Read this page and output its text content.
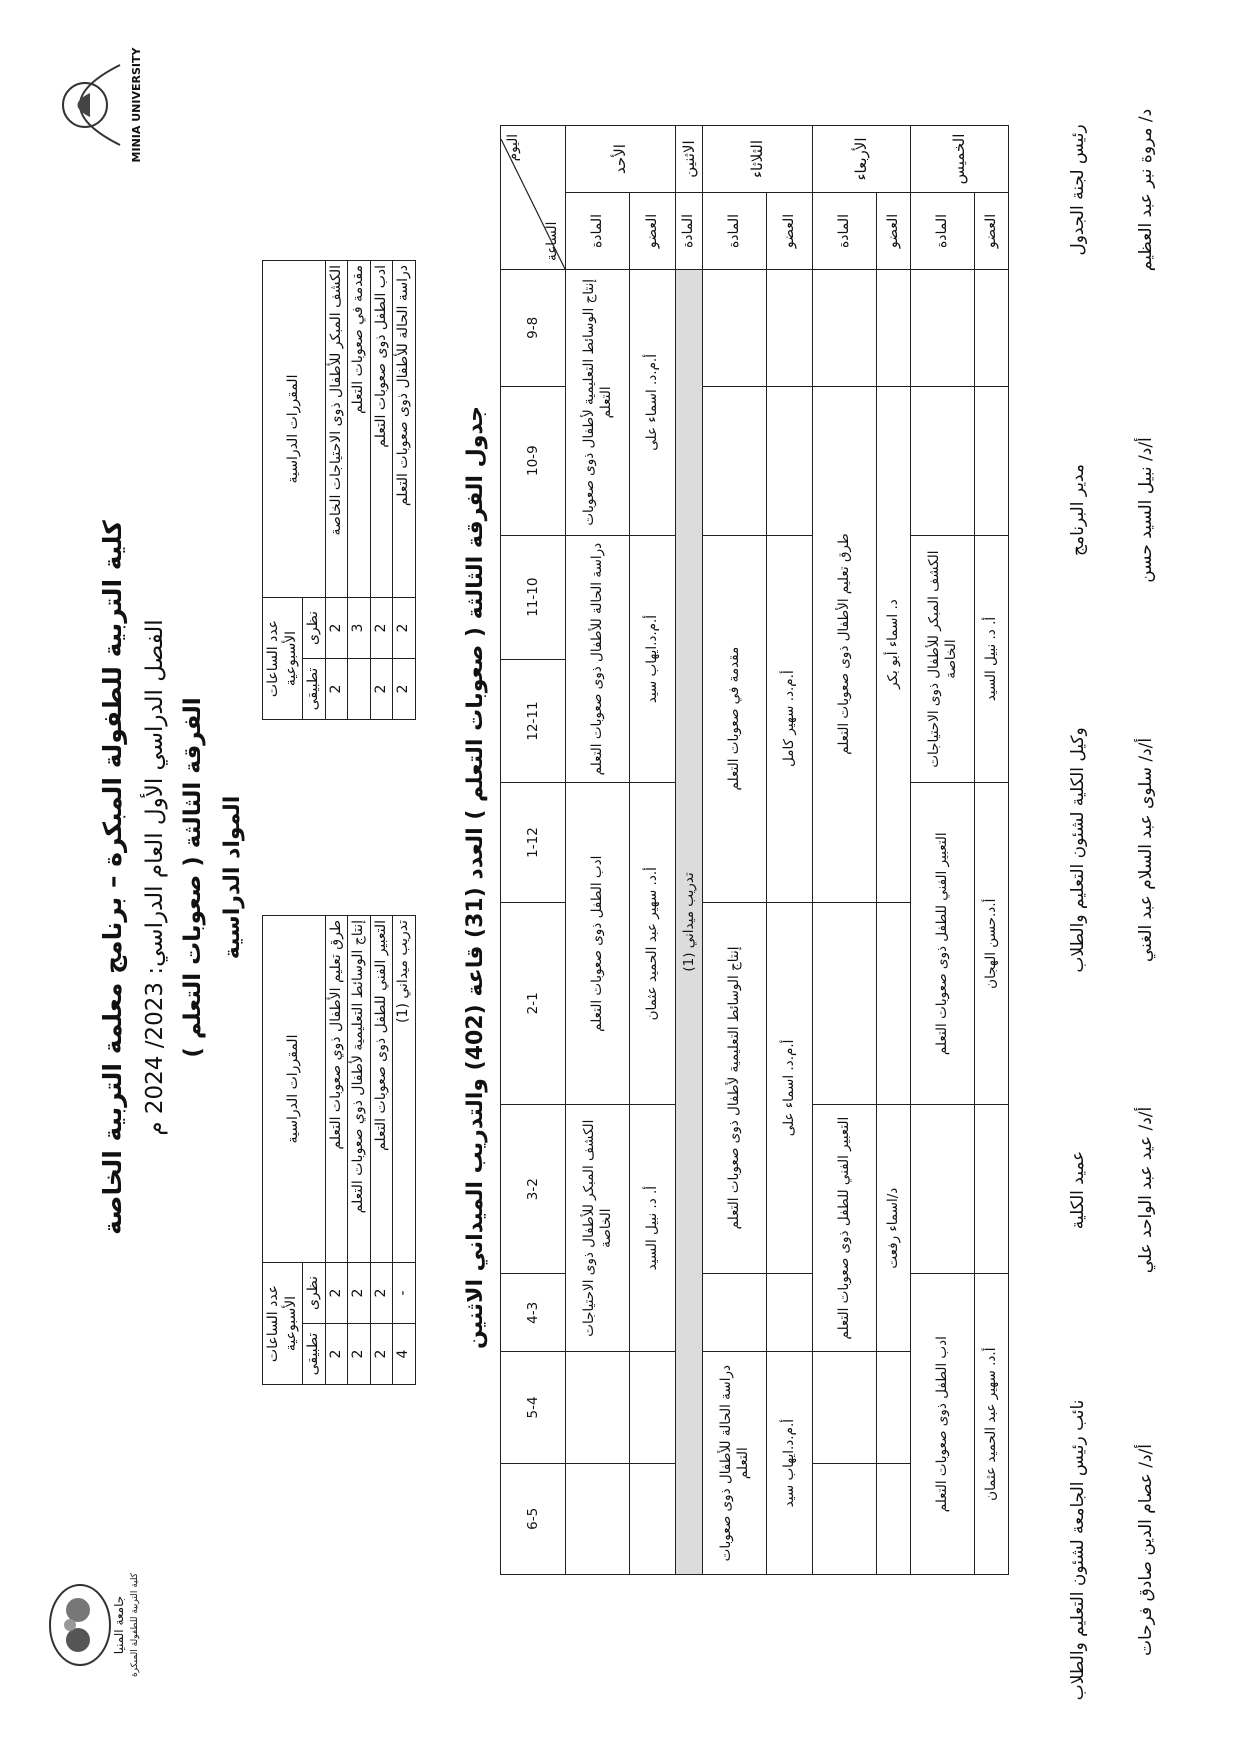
جامعة المنيا كلية التربية للطفولة المبكرة
MINIA UNIVERSITY
كلية التربية للطفولة المبكرة – برنامج معلمة التربية الخاصة الفصل الدراسي الأول العام الدراسي: 2023/ 2024 م الفرقة الثالثة ( صعوبات التعلم ) المواد الدراسية
المقررات الدراسية	عدد الساعات الأسبوعية	
	نظرى	تطبيقى
الكشف المبكر للأطفال ذوى الاحتياجات الخاصة	2	2
مقدمة في صعوبات التعلم	3	
ادب الطفل ذوى صعوبات التعلم	2	2
دراسة الحالة للأطفال ذوى صعوبات التعلم	2	2
المقررات الدراسية	عدد الساعات الأسبوعية	
	نظرى	تطبيقى
طرق تعليم الأطفال ذوي صعوبات التعلم	2	2
إنتاج الوسائط التعليمية لأطفال ذوي صعوبات التعلم	2	2
التعبير الفني للطفل ذوى صعوبات التعلم	2	2
تدريب ميداني (1)	-	4
جدول الفرقة الثالثة ( صعوبات التعلم ) العدد (31) قاعة (402) والتدريب الميداني الاثنين
اليوم
الساعة		9-8	10-9	11-10	12-11	1-12	2-1	3-2	4-3	5-4	6-5
الأحد	المادة	إنتاج الوسائط التعليمية لأطفال ذوى صعوبات التعلم		دراسة الحالة للأطفال ذوى صعوبات التعلم		ادب الطفل ذوى صعوبات التعلم		الكشف المبكر للأطفال ذوى الاحتياجات الخاصة			
	العضو	أ.م.د. اسماء على		أ.م.د.ايهاب سيد		أ.د. سهير عبد الحميد عثمان		أ. د. نبيل السيد			
الاثنين	المادة	تدريب ميداني (1)									
الثلاثاء	المادة			مقدمة في صعوبات التعلم			إنتاج الوسائط التعليمية لأطفال ذوى صعوبات التعلم			دراسة الحالة للأطفال ذوى صعوبات التعلم	
	العضو			أ.م.د. سهير كامل			أ.م.د. اسماء على			أ.م.د.ايهاب سيد	
الأربعاء	المادة		طرق تعليم الأطفال ذوى صعوبات التعلم					التعبير الفني للطفل ذوى صعوبات التعلم			
	العضو		د. اسماء أبو بكر					د/اسماء رفعت			
الخميس	المادة			الكشف المبكر للأطفال ذوى الاحتياجات الخاصة		التعبير الفني للطفل ذوى صعوبات التعلم			ادب الطفل ذوى صعوبات التعلم		
	العضو			أ. د. نبيل السيد		أ.د.حسن الهجان			أ.د. سهير عبد الحميد عثمان		
رئيس لجنة الجدول	د/ مروة نبر عبد العظيم
مدير البرنامج	أ/د/ نبيل السيد حسن
وكيل الكلية لشئون التعليم والطلاب	أ/د/ سلوى عبد السلام عبد الغني
عميد الكلية	أ/د/ عيد عبد الواحد علي
نائب رئيس الجامعة لشئون التعليم والطلاب	أ/د/ عصام الدين صادق فرحات
